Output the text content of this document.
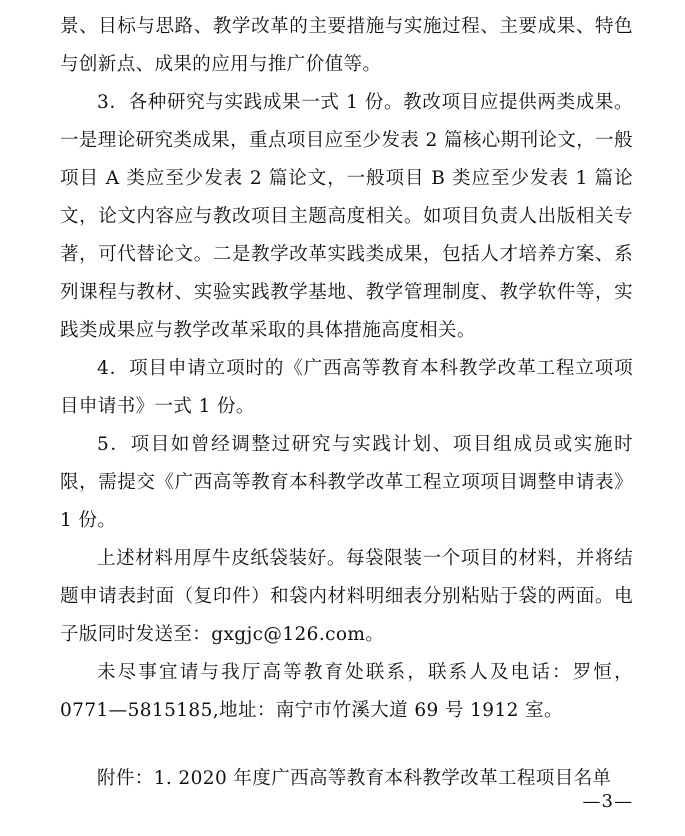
景、目标与思路、教学改革的主要措施与实施过程、主要成果、特色与创新点、成果的应用与推广价值等。

3．各种研究与实践成果一式 1 份。教改项目应提供两类成果。一是理论研究类成果，重点项目应至少发表 2 篇核心期刊论文，一般项目 A 类应至少发表 2 篇论文，一般项目 B 类应至少发表 1 篇论文，论文内容应与教改项目主题高度相关。如项目负责人出版相关专著，可代替论文。二是教学改革实践类成果，包括人才培养方案、系列课程与教材、实验实践教学基地、教学管理制度、教学软件等，实践类成果应与教学改革采取的具体措施高度相关。

4．项目申请立项时的《广西高等教育本科教学改革工程立项项目申请书》一式 1 份。

5．项目如曾经调整过研究与实践计划、项目组成员或实施时限，需提交《广西高等教育本科教学改革工程立项项目调整申请表》1 份。

上述材料用厚牛皮纸袋装好。每袋限装一个项目的材料，并将结题申请表封面（复印件）和袋内材料明细表分别粘贴于袋的两面。电子版同时发送至：gxgjc@126.com。

未尽事宜请与我厅高等教育处联系，联系人及电话：罗恒，0771—5815185,地址：南宁市竹溪大道 69 号 1912 室。

附件：1. 2020 年度广西高等教育本科教学改革工程项目名单

—3—
